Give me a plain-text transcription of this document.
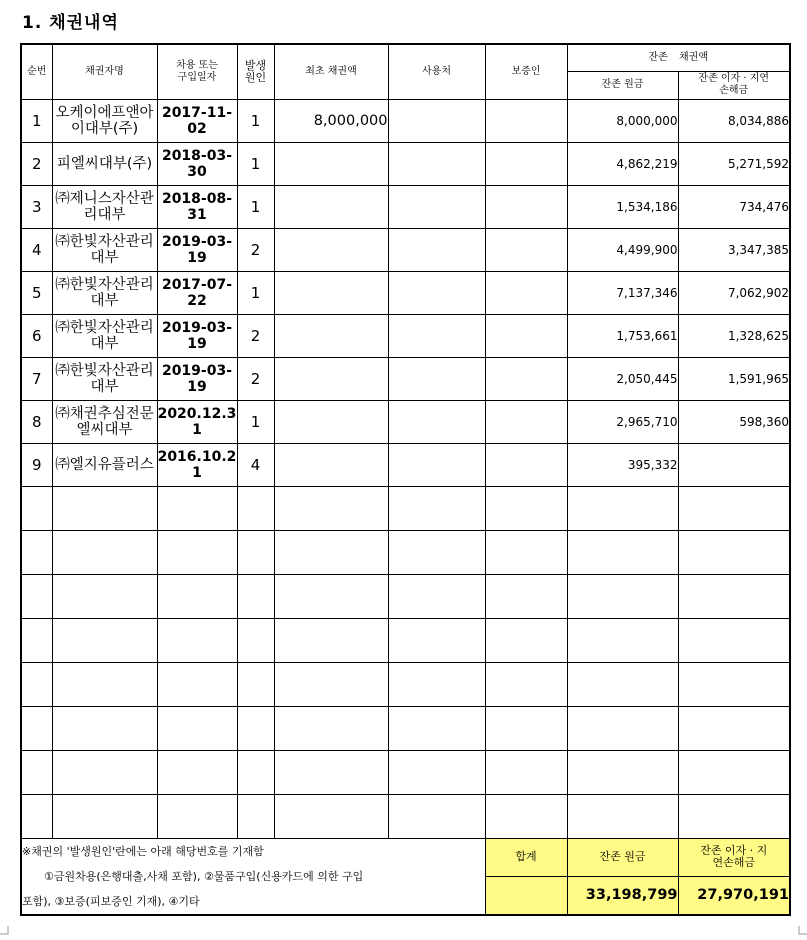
1. 채권내역
순번	채권자명	차용 또는 구입일자	발생 원인	최초 채권액	사용처	보증인	잔존 채권액	
							잔존 원금	잔존 이자 · 지연손해금
1	오케이에프앤아이대부(주)	2017-11-02	1	8,000,000			8,000,000	8,034,886
2	피엘씨대부(주)	2018-03-30	1				4,862,219	5,271,592
3	㈜제니스자산관리대부	2018-08-31	1				1,534,186	734,476
4	㈜한빛자산관리대부	2019-03-19	2				4,499,900	3,347,385
5	㈜한빛자산관리대부	2017-07-22	1				7,137,346	7,062,902
6	㈜한빛자산관리대부	2019-03-19	2				1,753,661	1,328,625
7	㈜한빛자산관리대부	2019-03-19	2				2,050,445	1,591,965
8	㈜채권추심전문엘씨대부	2020.12.31	1				2,965,710	598,360
9	㈜엘지유플러스	2016.10.21	4				395,332	

※채권의 '발생원인'란에는 아래 해당번호를 기재함
①금원차용(은행대출,사채 포함), ②물품구입(신용카드에 의한 구입
포함), ③보증(피보증인 기재), ④기타						합계	잔존 원금	잔존 이자 · 지연손해금
							33,198,799	27,970,191
